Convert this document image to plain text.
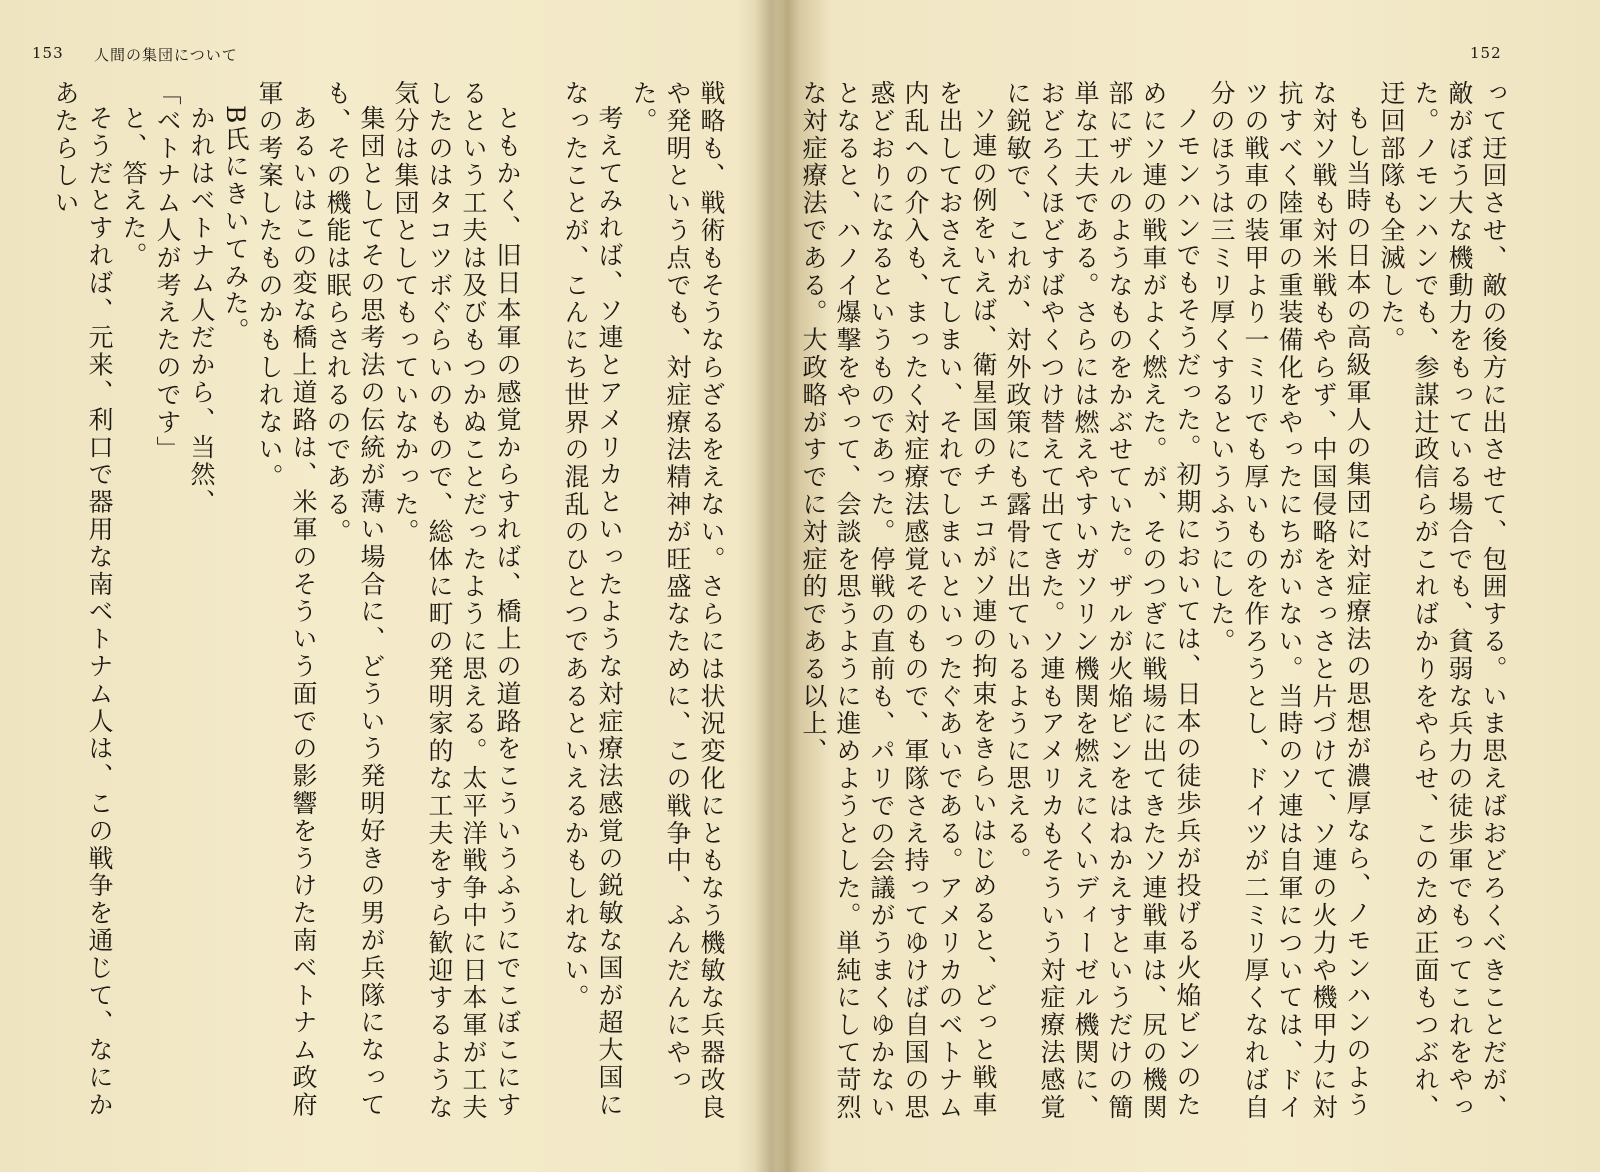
153 人間の集団について

戦略も、戦術もそうならざるをえない。さらには状況変化にともなう機敏な兵器改良や発明という点でも、対症療法精神が旺盛なために、この戦争中、ふんだんにやった。

考えてみれば、ソ連とアメリカといったような対症療法感覚の鋭敏な国が超大国になったことが、こんにち世界の混乱のひとつであるといえるかもしれない。

ともかく、旧日本軍の感覚からすれば、橋上の道路をこういうふうにでこぼこにするという工夫は及びもつかぬことだったように思える。太平洋戦争中に日本軍が工夫したのはタコツボぐらいのもので、総体に町の発明家的な工夫をすら歓迎するような気分は集団としてもっていなかった。

集団としてその思考法の伝統が薄い場合に、どういう発明好きの男が兵隊になっても、その機能は眠らされるのである。

あるいはこの変な橋上道路は、米軍のそういう面での影響をうけた南ベトナム政府軍の考案したものかもしれない。

B氏にきいてみた。

かれはベトナム人だから、当然、

「ベトナム人が考えたのです」

と、答えた。

そうだとすれば、元来、利口で器用な南ベトナム人は、この戦争を通じて、なにかあたらしい

152

って迂回させ、敵の後方に出させて、包囲する。いま思えばおどろくべきことだが、敵がぼう大な機動力をもっている場合でも、貧弱な兵力の徒歩軍でもってこれをやった。ノモンハンでも、参謀辻政信らがこればかりをやらせ、このため正面もつぶれ、迂回部隊も全滅した。

もし当時の日本の高級軍人の集団に対症療法の思想が濃厚なら、ノモンハンのような対ソ戦も対米戦もやらず、中国侵略をさっさと片づけて、ソ連の火力や機甲力に対抗すべく陸軍の重装備化をやったにちがいない。当時のソ連は自軍については、ドイツの戦車の装甲より一ミリでも厚いものを作ろうとし、ドイツが二ミリ厚くなれば自分のほうは三ミリ厚くするというふうにした。

ノモンハンでもそうだった。初期においては、日本の徒歩兵が投げる火焔ビンのためにソ連の戦車がよく燃えた。が、そのつぎに戦場に出てきたソ連戦車は、尻の機関部にザルのようなものをかぶせていた。ザルが火焔ビンをはねかえすというだけの簡単な工夫である。さらには燃えやすいガソリン機関を燃えにくいディーゼル機関に、おどろくほどすばやくつけ替えて出てきた。ソ連もアメリカもそういう対症療法感覚に鋭敏で、これが、対外政策にも露骨に出ているように思える。

ソ連の例をいえば、衛星国のチェコがソ連の拘束をきらいはじめると、どっと戦車を出しておさえてしまい、それでしまいといったぐあいである。アメリカのベトナム内乱への介入も、まったく対症療法感覚そのもので、軍隊さえ持ってゆけば自国の思惑どおりになるというものであった。停戦の直前も、パリでの会議がうまくゆかないとなると、ハノイ爆撃をやって、会談を思うように進めようとした。単純にして苛烈な対症療法である。大政略がすでに対症的である以上、
